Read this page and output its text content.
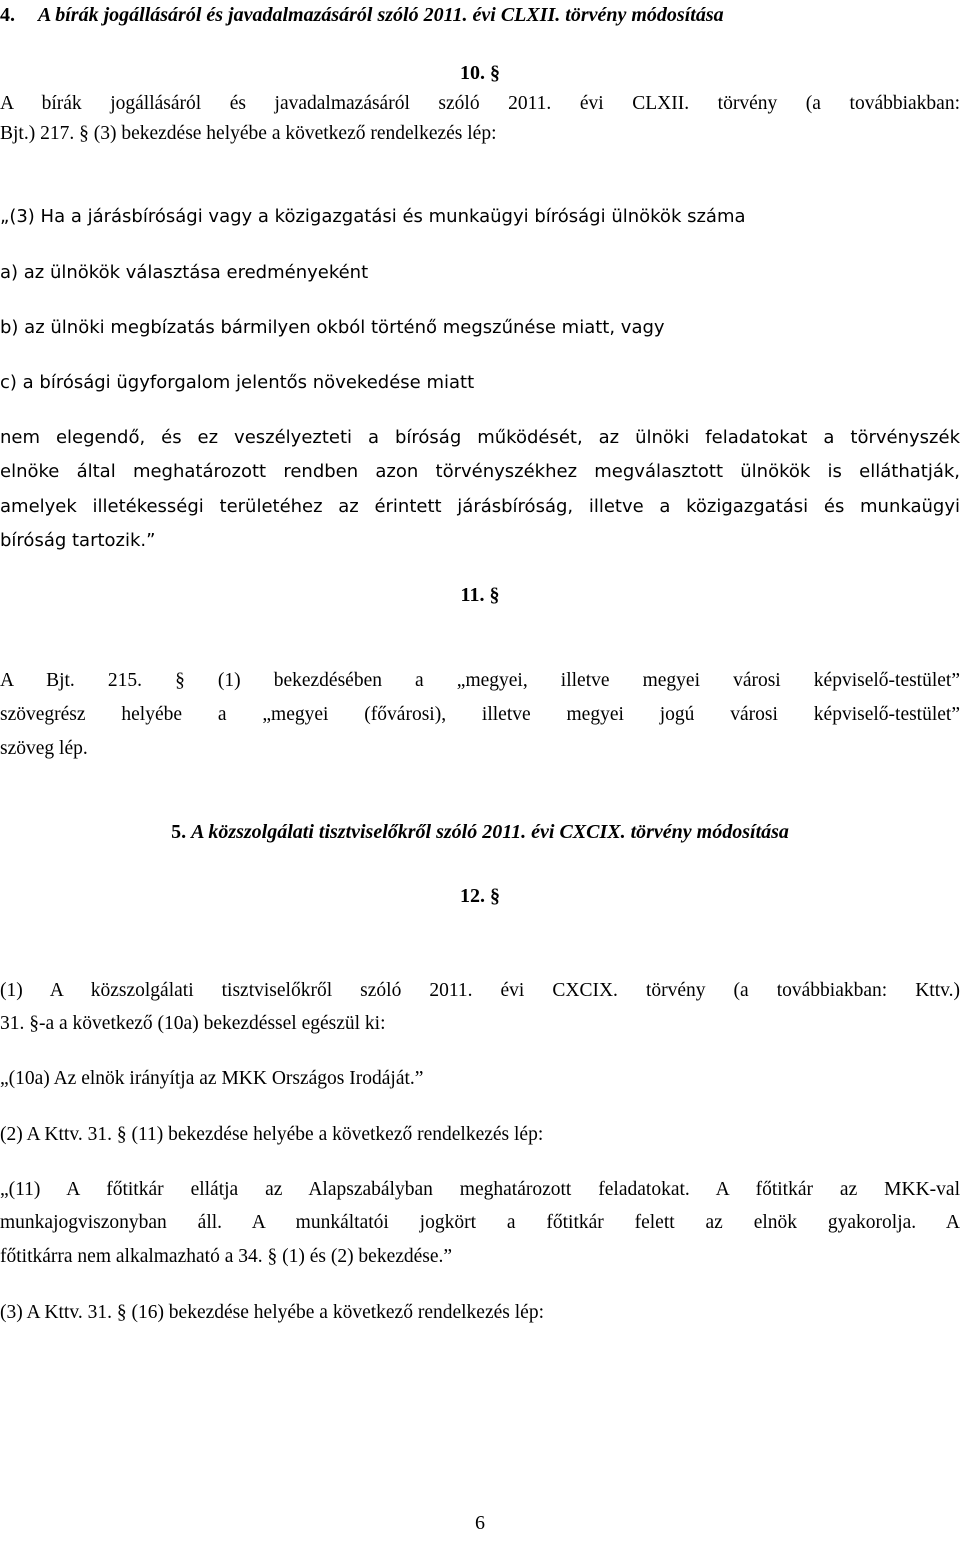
4. A bírák jogállásáról és javadalmazásáról szóló 2011. évi CLXII. törvény módosítása
10. §

A bírák jogállásáról és javadalmazásáról szóló 2011. évi CLXII. törvény (a továbbiakban:

Bjt.) 217. § (3) bekezdése helyébe a következő rendelkezés lép:

„(3) Ha a járásbírósági vagy a közigazgatási és munkaügyi bírósági ülnökök száma

a) az ülnökök választása eredményeként

b) az ülnöki megbízatás bármilyen okból történő megszűnése miatt, vagy

c) a bírósági ügyforgalom jelentős növekedése miatt

nem elegendő, és ez veszélyezteti a bíróság működését, az ülnöki feladatokat a törvényszék

elnöke által meghatározott rendben azon törvényszékhez megválasztott ülnökök is elláthatják,

amelyek illetékességi területéhez az érintett járásbíróság, illetve a közigazgatási és munkaügyi

bíróság tartozik.”

11. §

A Bjt. 215. § (1) bekezdésében a „megyei, illetve megyei városi képviselő-testület”

szövegrész helyébe a „megyei (fővárosi), illetve megyei jogú városi képviselő-testület”

szöveg lép.

5. A közszolgálati tisztviselőkről szóló 2011. évi CXCIX. törvény módosítása
12. §

(1) A közszolgálati tisztviselőkről szóló 2011. évi CXCIX. törvény (a továbbiakban: Kttv.)

31. §-a a következő (10a) bekezdéssel egészül ki:

„(10a) Az elnök irányítja az MKK Országos Irodáját.”

(2) A Kttv. 31. § (11) bekezdése helyébe a következő rendelkezés lép:

„(11) A főtitkár ellátja az Alapszabályban meghatározott feladatokat. A főtitkár az MKK-val

munkajogviszonyban áll. A munkáltatói jogkört a főtitkár felett az elnök gyakorolja. A

főtitkárra nem alkalmazható a 34. § (1) és (2) bekezdése.”

(3) A Kttv. 31. § (16) bekezdése helyébe a következő rendelkezés lép:

6
